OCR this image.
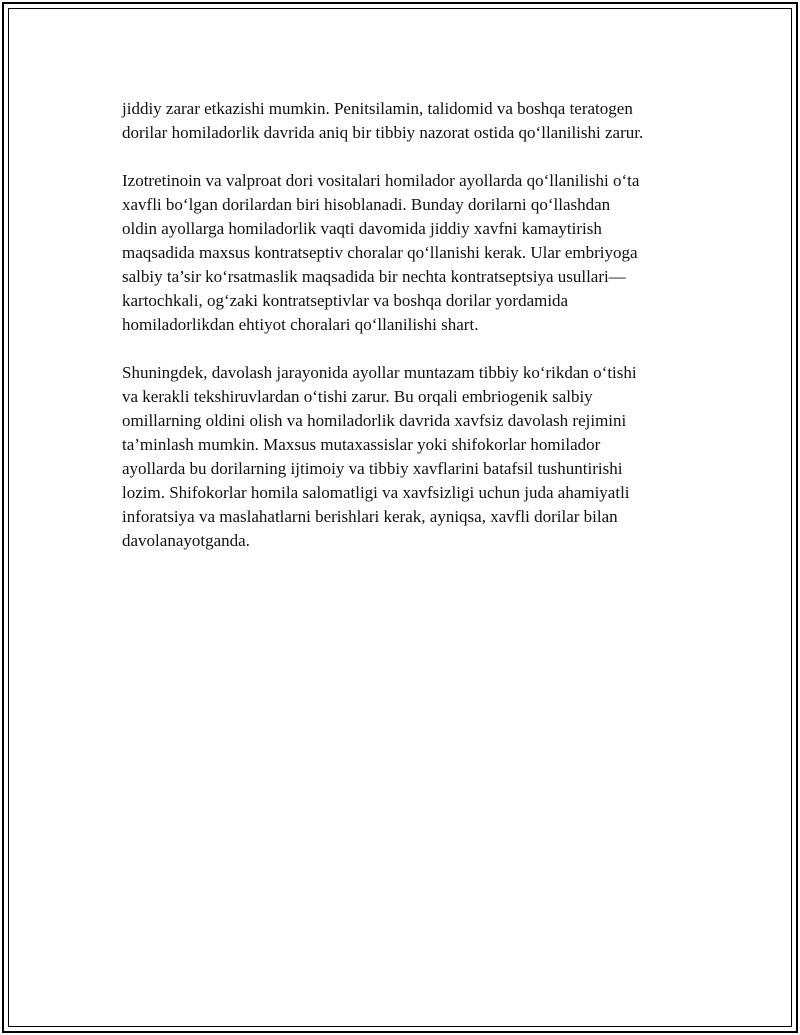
jiddiy zarar etkazishi mumkin. Penitsilamin, talidomid va boshqa teratogen
dorilar homiladorlik davrida aniq bir tibbiy nazorat ostida qo‘llanilishi zarur.

Izotretinoin va valproat dori vositalari homilador ayollarda qo‘llanilishi o‘ta
xavfli bo‘lgan dorilardan biri hisoblanadi. Bunday dorilarni qo‘llashdan
oldin ayollarga homiladorlik vaqti davomida jiddiy xavfni kamaytirish
maqsadida maxsus kontratseptiv choralar qo‘llanishi kerak. Ular embriyoga
salbiy ta’sir ko‘rsatmaslik maqsadida bir nechta kontratseptsiya usullari—
kartochkali, og‘zaki kontratseptivlar va boshqa dorilar yordamida
homiladorlikdan ehtiyot choralari qo‘llanilishi shart.

Shuningdek, davolash jarayonida ayollar muntazam tibbiy ko‘rikdan o‘tishi
va kerakli tekshiruvlardan o‘tishi zarur. Bu orqali embriogenik salbiy
omillarning oldini olish va homiladorlik davrida xavfsiz davolash rejimini
ta’minlash mumkin. Maxsus mutaxassislar yoki shifokorlar homilador
ayollarda bu dorilarning ijtimoiy va tibbiy xavflarini batafsil tushuntirishi
lozim. Shifokorlar homila salomatligi va xavfsizligi uchun juda ahamiyatli
inforatsiya va maslahatlarni berishlari kerak, ayniqsa, xavfli dorilar bilan
davolanayotganda.
